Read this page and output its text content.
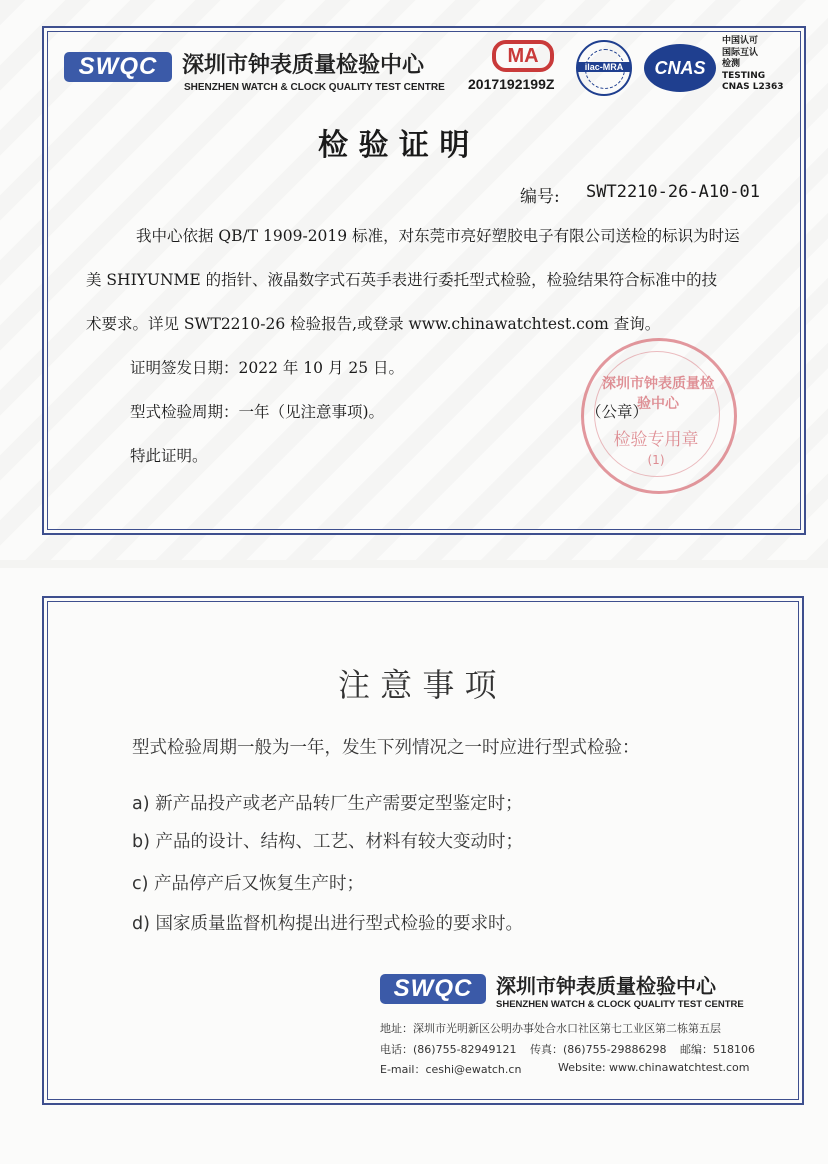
SWQC	深圳市钟表质量检验中心
SHENZHEN WATCH & CLOCK QUALITY TEST CENTRE
MA
2017192199Z
ilac-MRA	CNAS
中国认可
国际互认
检测
TESTING
CNAS L2363
检 验 证 明
编号: SWT2210-26-A10-01
我中心依据 QB/T 1909-2019 标准，对东莞市亮好塑胶电子有限公司送检的标识为时运
美 SHIYUNME 的指针、液晶数字式石英手表进行委托型式检验，检验结果符合标准中的技
术要求。详见 SWT2210-26 检验报告,或登录 www.chinawatchtest.com 查询。
证明签发日期：2022 年 10 月 25 日。
型式检验周期：一年（见注意事项)。	（公章）
特此证明。
深圳市钟表质量检验中心
检验专用章
(1)
注 意 事 项
型式检验周期一般为一年，发生下列情况之一时应进行型式检验：
a) 新产品投产或老产品转厂生产需要定型鉴定时；
b) 产品的设计、结构、工艺、材料有较大变动时；
c) 产品停产后又恢复生产时；
d) 国家质量监督机构提出进行型式检验的要求时。
SWQC	深圳市钟表质量检验中心
SHENZHEN WATCH & CLOCK QUALITY TEST CENTRE
地址：深圳市光明新区公明办事处合水口社区第七工业区第二栋第五层
电话：(86)755-82949121 传真：(86)755-29886298 邮编：518106
E-mail：ceshi@ewatch.cn	Website: www.chinawatchtest.com
